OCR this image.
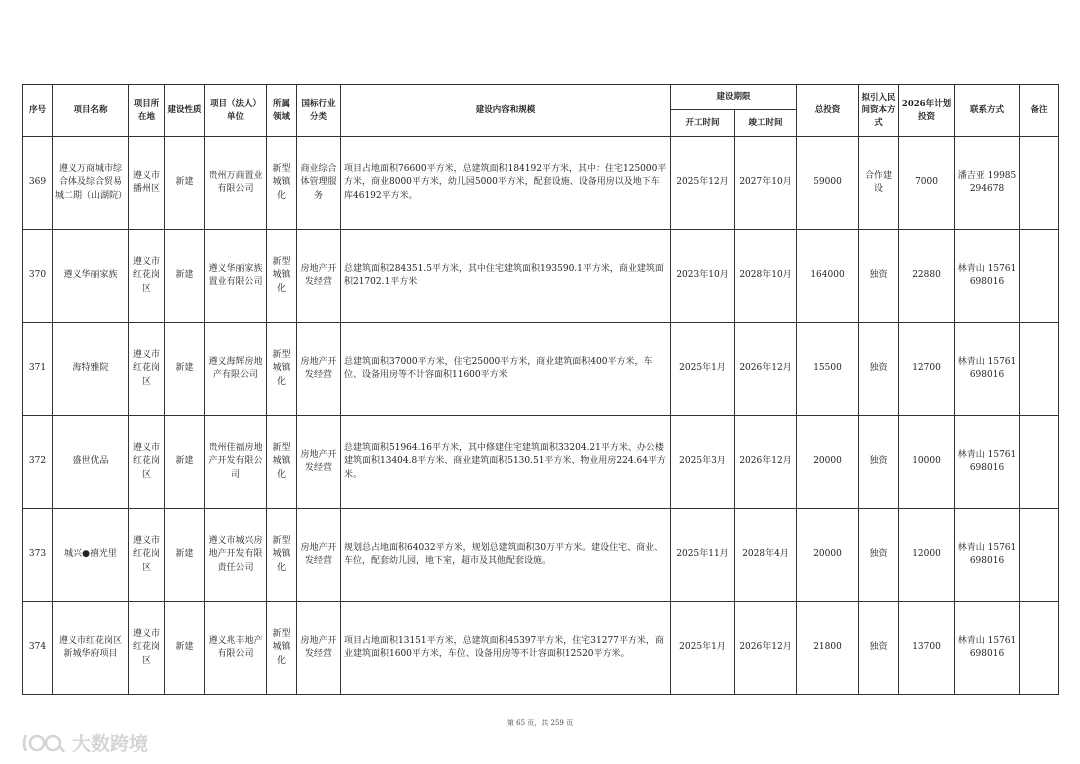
序号	项目名称	项目所在地	建设性质	项目（法人）单位	所属领域	国标行业分类	建设内容和规模	建设期限		总投资	拟引入民间资本方式	2026年计划投资	联系方式	备注
								开工时间	竣工时间					
369	遵义万商城市综合体及综合贸易城二期（山湖院）	遵义市播州区	新建	贵州万商置业有限公司	新型城镇化	商业综合体管理服务	项目占地面积76600平方米，总建筑面积184192平方米，其中：住宅125000平方米，商业8000平方米，幼儿园5000平方米，配套设施、设备用房以及地下车库46192平方米。	2025年12月	2027年10月	59000	合作建设	7000	潘吉亚 19985294678	
370	遵义华丽家族	遵义市红花岗区	新建	遵义华丽家族置业有限公司	新型城镇化	房地产开发经营	总建筑面积284351.5平方米，其中住宅建筑面积193590.1平方米，商业建筑面积21702.1平方米	2023年10月	2028年10月	164000	独资	22880	林青山 15761698016	
371	海特雅院	遵义市红花岗区	新建	遵义海辉房地产有限公司	新型城镇化	房地产开发经营	总建筑面积37000平方米，住宅25000平方米，商业建筑面积400平方米，车位、设备用房等不计容面积11600平方米	2025年1月	2026年12月	15500	独资	12700	林青山 15761698016	
372	盛世优品	遵义市红花岗区	新建	贵州佳福房地产开发有限公司	新型城镇化	房地产开发经营	总建筑面积51964.16平方米，其中修建住宅建筑面积33204.21平方米、办公楼建筑面积13404.8平方米、商业建筑面积5130.51平方米、物业用房224.64平方米。	2025年3月	2026年12月	20000	独资	10000	林青山 15761698016	
373	城兴●禧光里	遵义市红花岗区	新建	遵义市城兴房地产开发有限责任公司	新型城镇化	房地产开发经营	规划总占地面积64032平方米，规划总建筑面积30万平方米。建设住宅、商业、车位，配套幼儿园，地下室，超市及其他配套设施。	2025年11月	2028年4月	20000	独资	12000	林青山 15761698016	
374	遵义市红花岗区新城华府项目	遵义市红花岗区	新建	遵义兆丰地产有限公司	新型城镇化	房地产开发经营	项目占地面积13151平方米，总建筑面积45397平方米，住宅31277平方米，商业建筑面积1600平方米，车位、设备用房等不计容面积12520平方米。	2025年1月	2026年12月	21800	独资	13700	林青山 15761698016	
第 65 页，共 259 页
大数跨境
